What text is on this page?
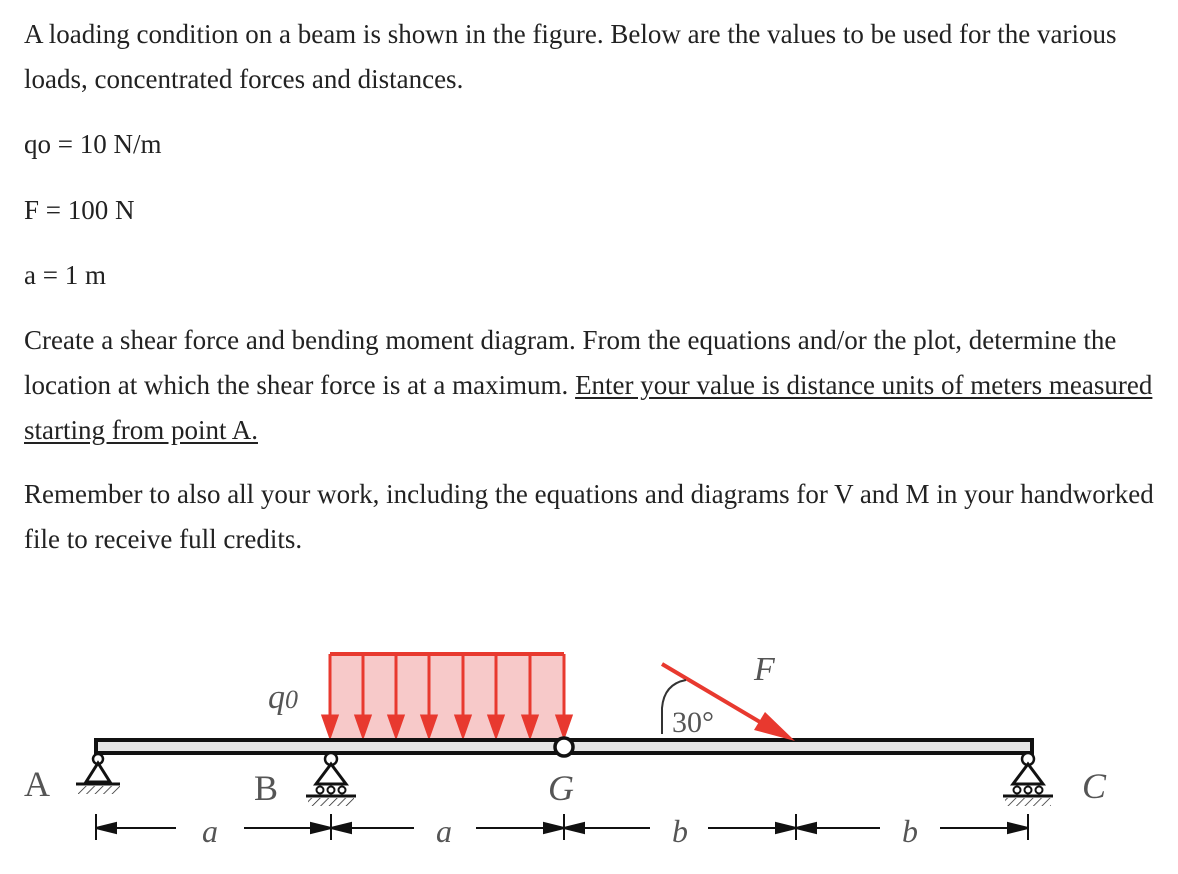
A loading condition on a beam is shown in the figure. Below are the values to be used for the various loads, concentrated forces and distances.

qo = 10 N/m

F = 100 N

a = 1 m

Create a shear force and bending moment diagram. From the equations and/or the plot, determine the location at which the shear force is at a maximum. Enter your value is distance units of meters measured starting from point A.

Remember to also all your work, including the equations and diagrams for V and M in your handworked file to receive full credits.

q0
30°
F
A	B	C
G
a	a	b	b
